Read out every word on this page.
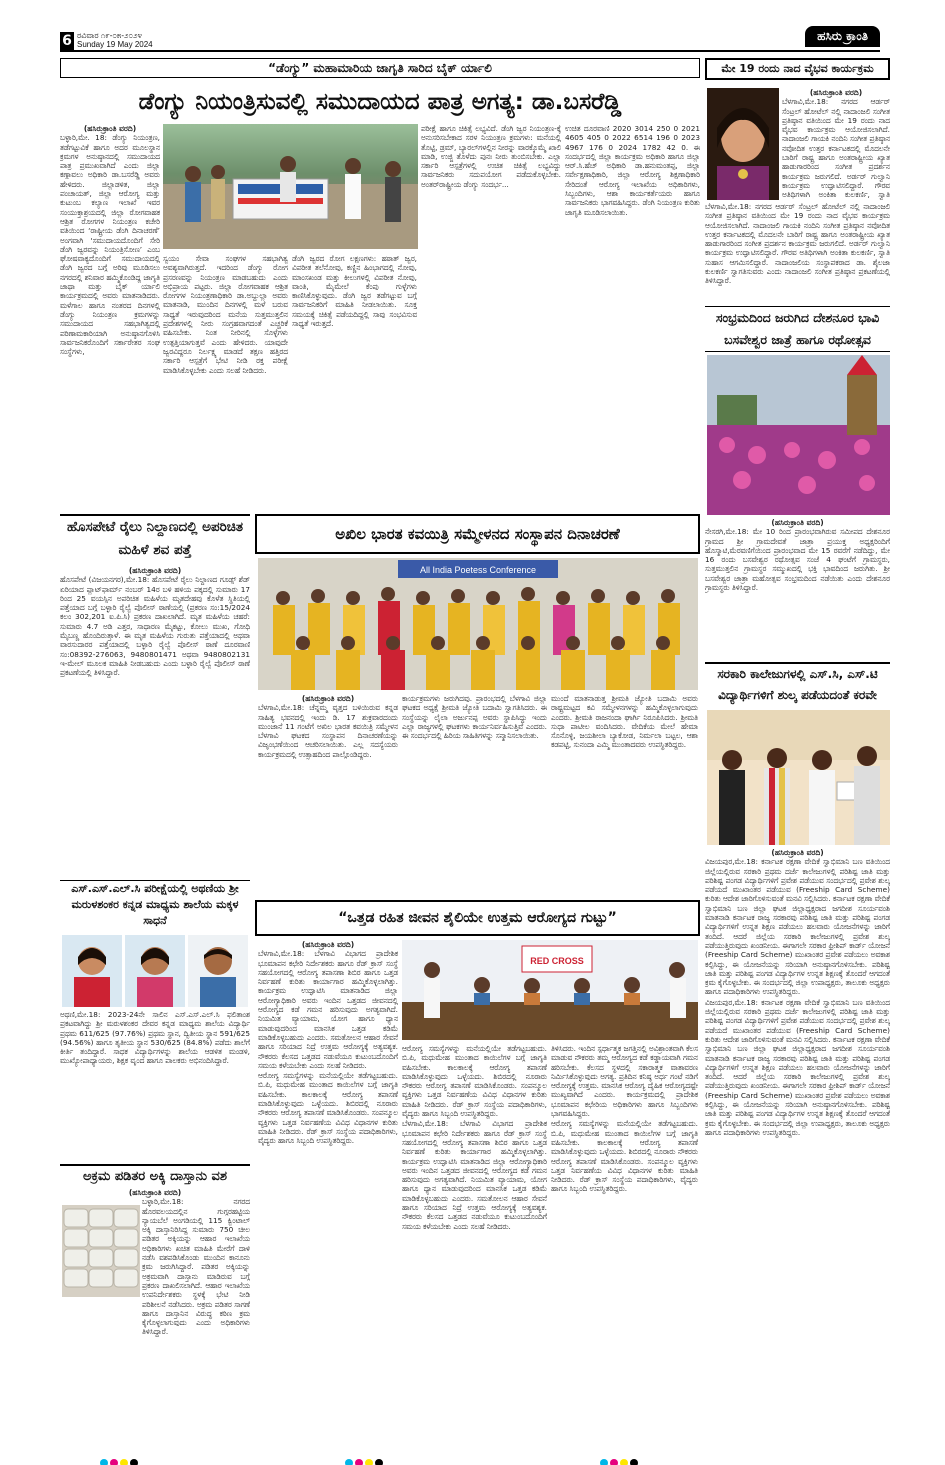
6 ರವಿವಾರ ೧೯-೦೫-೨೦೨೪
Sunday 19 May 2024
ಹಸಿರು ಕ್ರಾಂತಿ
“ಡೆಂಗ್ಯು” ಮಹಾಮಾರಿಯ ಜಾಗೃತಿ ಸಾರಿದ ಬೈಕ್ ರ್ಯಾಲಿ
ಡೆಂಗ್ಯು ನಿಯಂತ್ರಿಸುವಲ್ಲಿ ಸಮುದಾಯದ ಪಾತ್ರ ಅಗತ್ಯ: ಡಾ.ಬಸರೆಡ್ಡಿ
(ಹಸಿರುಕ್ರಾಂತಿ ವರದಿ)

ಬಳ್ಳಾರಿ,ಮೇ. 18: ಡೆಂಗ್ಯು ನಿಯಂತ್ರಣ, ತಡೆಗಟ್ಟುವಿಕೆ ಹಾಗೂ ಅದರ ಮೂಲಸ್ಥಾನ ಕ್ರಮಗಳ ಅನುಷ್ಠಾನದಲ್ಲಿ ಸಮುದಾಯದ ಪಾತ್ರ ಪ್ರಮುಖವಾಗಿದೆ ಎಂದು ಜಿಲ್ಲಾ ಕಣ್ಗಾವಲು ಅಧಿಕಾರಿ ಡಾ.ಬಸರೆಡ್ಡಿ ಅವರು ಹೇಳಿದರು. ಜಿಲ್ಲಾಡಳಿತ, ಜಿಲ್ಲಾ ಪಂಚಾಯತ್, ಜಿಲ್ಲಾ ಆರೋಗ್ಯ ಮತ್ತು ಕುಟುಂಬ ಕಲ್ಯಾಣ ಇಲಾಖೆ ಇವರ ಸಂಯುಕ್ತಾಶ್ರಯದಲ್ಲಿ ಜಿಲ್ಲಾ ರೋಗವಾಹಕ ಆಶ್ರಿತ ರೋಗಗಳ ನಿಯಂತ್ರಣ ಕಚೇರಿ ವತಿಯಿಂದ ‘ರಾಷ್ಟ್ರೀಯ ಡೆಂಗಿ ದಿನಾಚರಣೆ’ ಅಂಗವಾಗಿ ‘ಸಮುದಾಯದೊಂದಿಗೆ ಸೇರಿ ಡೆಂಗಿ ಜ್ವರವನ್ನು ನಿಯಂತ್ರಿಸೋಣ’ ಎಂಬ ಘೋಷವಾಕ್ಯದೊಂದಿಗೆ ಸಮುದಾಯದಲ್ಲಿ ಡೆಂಗಿ ಜ್ವರದ ಬಗ್ಗೆ ಅರಿವು ಮೂಡಿಸಲು ನಗರದಲ್ಲಿ ಶನಿವಾರ ಹಮ್ಮಿಕೊಂಡಿದ್ದ ಜಾಗೃತಿ ಜಾಥಾ ಮತ್ತು ಬೈಕ್ ರ್ಯಾಲಿ ಕಾರ್ಯಕ್ರಮದಲ್ಲಿ ಅವರು ಮಾತನಾಡಿದರು. ಮಳೆಗಾಲ ಹಾಗೂ ನಂತರದ ದಿನಗಳಲ್ಲಿ ಡೆಂಗ್ಯು ನಿಯಂತ್ರಣ ಕ್ರಮಗಳನ್ನು ಸಮುದಾಯದ ಸಹಭಾಗಿತ್ವದಲ್ಲಿ ಪರಿಣಾಮಕಾರಿಯಾಗಿ ಅನುಷ್ಠಾನಗೊಳಿಸಿ ಸಾರ್ವಜನಿಕರೊಂದಿಗೆ ಸರ್ಕಾರೇತರ ಸಂಘ ಸಂಸ್ಥೆಗಳು,

ಸ್ವಯಂ ಸೇವಾ ಸಂಘಗಳ ಸಹಭಾಗಿತ್ವ ಅವಶ್ಯವಾಗಿರುತ್ತದೆ. ಇದರಿಂದ ಡೆಂಗ್ಯು ರೋಗ ಪ್ರಸರಣವನ್ನು ನಿಯಂತ್ರಣ ಮಾಡಬಹುದು ಎಂದು ಅಭಿಪ್ರಾಯ ಪಟ್ಟರು. ಜಿಲ್ಲಾ ರೋಗವಾಹಕ ಆಶ್ರಿತ ರೋಗಗಳ ನಿಯಂತ್ರಣಾಧಿಕಾರಿ ಡಾ.ಅಬ್ದುಲ್ಲಾ ಅವರು ಮಾತನಾಡಿ, ಮುಂದಿನ ದಿನಗಳಲ್ಲಿ ಮಳೆ ಬರುವ ಸಾಧ್ಯತೆ ಇರುವುದರಿಂದ ಮನೆಯ ಸುತ್ತಮುತ್ತಲಿನ ಪ್ರದೇಶಗಳಲ್ಲಿ ನೀರು ಸಂಗ್ರಹವಾಗದಂತೆ ಎಚ್ಚರಿಕೆ ವಹಿಸಬೇಕು. ನಿಂತ ನೀರಿನಲ್ಲಿ ಸೊಳ್ಳೆಗಳು ಉತ್ಪತ್ತಿಯಾಗುತ್ತವೆ ಎಂದು ಹೇಳಿದರು. ಯಾವುದೇ ಜ್ವರವಿದ್ದರೂ ನಿರ್ಲಕ್ಷ್ಯ ಮಾಡದೆ ತಕ್ಷಣ ಹತ್ತಿರದ ಸರ್ಕಾರಿ ಆಸ್ಪತ್ರೆಗೆ ಭೇಟಿ ನೀಡಿ ರಕ್ತ ಪರೀಕ್ಷೆ ಮಾಡಿಸಿಕೊಳ್ಳಬೇಕು ಎಂದು ಸಲಹೆ ನೀಡಿದರು.

ಡೆಂಗಿ ಜ್ವರದ ರೋಗ ಲಕ್ಷಣಗಳು: ಹಠಾತ್ ಜ್ವರ, ವಿಪರೀತ ತಲೆನೋವು, ಕಣ್ಣಿನ ಹಿಂಭಾಗದಲ್ಲಿ ನೋವು, ಮಾಂಸಖಂಡ ಮತ್ತು ಕೀಲುಗಳಲ್ಲಿ ವಿಪರೀತ ನೋವು, ವಾಂತಿ, ಮೈಮೇಲೆ ಕೆಂಪು ಗುಳ್ಳೆಗಳು ಕಾಣಿಸಿಕೊಳ್ಳುವುದು. ಡೆಂಗಿ ಜ್ವರ ತಡೆಗಟ್ಟುವ ಬಗ್ಗೆ ಸಾರ್ವಜನಿಕರಿಗೆ ಮಾಹಿತಿ ನೀಡಲಾಯಿತು. ಸೂಕ್ತ ಸಮಯಕ್ಕೆ ಚಿಕಿತ್ಸೆ ಪಡೆಯದಿದ್ದಲ್ಲಿ ಸಾವು ಸಂಭವಿಸುವ ಸಾಧ್ಯತೆ ಇರುತ್ತದೆ.

ಪರೀಕ್ಷೆ ಹಾಗೂ ಚಿಕಿತ್ಸೆ ಲಭ್ಯವಿದೆ. ಡೆಂಗಿ ಜ್ವರ ನಿಯಂತ್ರಣ-ಕ್ಕೆ ಅನುಸರಿಸಬೇಕಾದ ಸರಳ ನಿಯಂತ್ರಣ ಕ್ರಮಗಳು: ಮನೆಯಲ್ಲಿ ತೊಟ್ಟಿ, ಡ್ರಮ್, ಬ್ಯಾರಲ್‌ಗಳಲ್ಲಿನ ನೀರನ್ನು ವಾರಕ್ಕೊಮ್ಮೆ ಖಾಲಿ ಮಾಡಿ, ಉಜ್ಜಿ ತೊಳೆದು ಪುನಃ ನೀರು ತುಂಬಿಸಬೇಕು. ಎಲ್ಲಾ ಸರ್ಕಾರಿ ಆಸ್ಪತ್ರೆಗಳಲ್ಲಿ ಉಚಿತ ಚಿಕಿತ್ಸೆ ಲಭ್ಯವಿದ್ದು ಸಾರ್ವಜನಿಕರು ಸದುಪಯೋಗ ಪಡೆದುಕೊಳ್ಳಬೇಕು. ಅಂತರ್‌ರಾಷ್ಟ್ರೀಯ ಡೆಂಗ್ಯು ಸಂದರ್ಭ...

ಉಚಿತ ದೂರವಾಣಿ 2020 3014 250 0 2021 4605 405 0 2022 6514 196 0 2023 4967 176 0 2024 1782 42 0. ಈ ಸಂದರ್ಭದಲ್ಲಿ ಜಿಲ್ಲಾ ಕಾರ್ಯಕ್ರಮ ಅಧಿಕಾರಿ ಹಾಗೂ ಜಿಲ್ಲಾ ಆರ್.ಸಿ.ಹೆಚ್ ಅಧಿಕಾರಿ ಡಾ.ಹನುಮಂತಪ್ಪ, ಜಿಲ್ಲಾ ಸರ್ವೇಕ್ಷಣಾಧಿಕಾರಿ, ಜಿಲ್ಲಾ ಆರೋಗ್ಯ ಶಿಕ್ಷಣಾಧಿಕಾರಿ ಸೇರಿದಂತೆ ಆರೋಗ್ಯ ಇಲಾಖೆಯ ಅಧಿಕಾರಿಗಳು, ಸಿಬ್ಬಂದಿಗಳು, ಆಶಾ ಕಾರ್ಯಕರ್ತೆಯರು ಹಾಗೂ ಸಾರ್ವಜನಿಕರು ಭಾಗವಹಿಸಿದ್ದರು. ಡೆಂಗಿ ನಿಯಂತ್ರಣ ಕುರಿತು ಜಾಗೃತಿ ಮೂಡಿಸಲಾಯಿತು.

ಮೇ 19 ರಂದು ನಾದ ವೈಭವ ಕಾರ್ಯಕ್ರಮ
(ಹಸಿರುಕ್ರಾಂತಿ ವರದಿ)

ಬೆಳಗಾವಿ,ಮೇ.18: ನಗರದ ಆರ್ಡರ್ ಸೆಂಟ್ರಲ್ ಹೋಟೆಲ್ ನಲ್ಲಿ ನಾದಾಂಜಲಿ ಸಂಗೀತ ಪ್ರತಿಷ್ಠಾನ ವತಿಯಿಂದ ಮೇ 19 ರಂದು ನಾದ ವೈಭವ ಕಾರ್ಯಕ್ರಮ ಆಯೋಜಿಸಲಾಗಿದೆ. ನಾದಾಂಜಲಿ ಗಾಯಕಿ ನಂದಿನಿ ಸಂಗೀತ ಪ್ರತಿಷ್ಠಾನ ನವೋದಿತ ಉತ್ತರ ಕರ್ನಾಟಕದಲ್ಲಿ ಮೊದಲನೇ ಬಾರಿಗೆ ರಾಷ್ಟ್ರ ಹಾಗೂ ಅಂತರಾಷ್ಟ್ರೀಯ ಖ್ಯಾತ ಹಾಡುಗಾರರಿಂದ ಸಂಗೀತ ಪ್ರದರ್ಶನ ಕಾರ್ಯಕ್ರಮ ಜರುಗಲಿದೆ. ಅರ್ಡರ್ ಗುಲ್ವಾನಿ ಕಾರ್ಯಕ್ರಮ ಉದ್ಘಾಟಿಸಲಿದ್ದಾರೆ. ಗೌರವ ಅತಿಥಿಗಳಾಗಿ ಅಂಕಿತಾ ಕುಲಕರ್ಣಿ, ಸ್ವಾತಿ

ಬೆಳಗಾವಿ,ಮೇ.18: ನಗರದ ಆರ್ಡರ್ ಸೆಂಟ್ರಲ್ ಹೋಟೆಲ್ ನಲ್ಲಿ ನಾದಾಂಜಲಿ ಸಂಗೀತ ಪ್ರತಿಷ್ಠಾನ ವತಿಯಿಂದ ಮೇ 19 ರಂದು ನಾದ ವೈಭವ ಕಾರ್ಯಕ್ರಮ ಆಯೋಜಿಸಲಾಗಿದೆ. ನಾದಾಂಜಲಿ ಗಾಯಕಿ ನಂದಿನಿ ಸಂಗೀತ ಪ್ರತಿಷ್ಠಾನ ನವೋದಿತ ಉತ್ತರ ಕರ್ನಾಟಕದಲ್ಲಿ ಮೊದಲನೇ ಬಾರಿಗೆ ರಾಷ್ಟ್ರ ಹಾಗೂ ಅಂತರಾಷ್ಟ್ರೀಯ ಖ್ಯಾತ ಹಾಡುಗಾರರಿಂದ ಸಂಗೀತ ಪ್ರದರ್ಶನ ಕಾರ್ಯಕ್ರಮ ಜರುಗಲಿದೆ. ಅರ್ಡರ್ ಗುಲ್ವಾನಿ ಕಾರ್ಯಕ್ರಮ ಉದ್ಘಾಟಿಸಲಿದ್ದಾರೆ. ಗೌರವ ಅತಿಥಿಗಳಾಗಿ ಅಂಕಿತಾ ಕುಲಕರ್ಣಿ, ಸ್ವಾತಿ ಸುಹಾಸ ಆಗಮಿಸಲಿದ್ದಾರೆ. ನಾದಾಂಜಲಿಯ ಸಂಸ್ಥಾಪಕರಾದ ಡಾ. ಶೈಲಜಾ ಕುಲಕರ್ಣಿ ಸ್ವಾಗತಿಸುವರು ಎಂದು ನಾದಾಂಜಲಿ ಸಂಗೀತ ಪ್ರತಿಷ್ಠಾನ ಪ್ರಕಟಣೆಯಲ್ಲಿ ತಿಳಿಸಿದ್ದಾರೆ.

ಸಂಭ್ರಮದಿಂದ ಜರುಗಿದ ದೇಶನೂರ ಭಾವಿ ಬಸವೇಶ್ವರ ಜಾತ್ರೆ ಹಾಗೂ ರಥೋತ್ಸವ
(ಹಸಿರುಕ್ರಾಂತಿ ವರದಿ)

ನೇಸರಗಿ,ಮೇ.18: ಮೇ 10 ರಿಂದ ಪ್ರಾರಂಭವಾಗಿರುವ ಸಮೀಪದ ದೇಶನೂರ ಗ್ರಾಮದ ಶ್ರೀ ಗ್ರಾಮದೇವತೆ ಜಾತ್ರಾ ಪ್ರಯುಕ್ತ ಅಧ್ಯಕ್ಷರಿಂದಿಗೆ ಹೊಸ್ಮಾಟಿ,ಮೆರವಣಿಗೆಯಿಂದ ಪ್ರಾರಂಭವಾದ ಮೇ 15 ರವರೆಗೆ ನಡೆದಿದ್ದು, ಮೇ 16 ರಂದು ಬಸವೇಶ್ವರ ರಥೋತ್ಸವ ಸಂಜೆ 4 ಘಂಟೆಗೆ ಗ್ರಾಮಸ್ಥರು, ಸುತ್ತಮುತ್ತಲಿನ ಗ್ರಾಮಸ್ಥರ ಸಮ್ಮುಖದಲ್ಲಿ ಭಕ್ತಿ ಭಾವದಿಂದ ಜರುಗಿತು. ಶ್ರೀ ಬಸವೇಶ್ವರ ಜಾತ್ರಾ ಮಹೋತ್ಸವ ಸಂಭ್ರಮದಿಂದ ನಡೆಯಿತು ಎಂದು ದೇಶನೂರ ಗ್ರಾಮಸ್ಥರು ತಿಳಿಸಿದ್ದಾರೆ.

ಸರಕಾರಿ ಕಾಲೇಜುಗಳಲ್ಲಿ ಎಸ್.ಸಿ, ಎಸ್.ಟಿ ವಿದ್ಯಾರ್ಥಿಗಳಿಗೆ ಶುಲ್ಕ ಪಡೆಯದಂತೆ ಕರವೇ
(ಹಸಿರುಕ್ರಾಂತಿ ವರದಿ)

ವಿಜಯಪುರ,ಮೇ.18: ಕರ್ನಾಟಕ ರಕ್ಷಣಾ ವೇದಿಕೆ ಸ್ವಾಭಿಮಾನಿ ಬಣ ವತಿಯಿಂದ ಜಿಲ್ಲೆಯಲ್ಲಿರುವ ಸರಕಾರಿ ಪ್ರಥಮ ದರ್ಜೆ ಕಾಲೇಜುಗಳಲ್ಲಿ ಪರಿಶಿಷ್ಟ ಜಾತಿ ಮತ್ತು ಪರಿಶಿಷ್ಟ ಪಂಗಡ ವಿದ್ಯಾರ್ಥಿಗಳಿಗೆ ಪ್ರವೇಶ ಪಡೆಯುವ ಸಂದರ್ಭದಲ್ಲಿ ಪ್ರವೇಶ ಶುಲ್ಕ ಪಡೆಯದೆ ಮುಖಾಂತರ ಪಡೆಯುವ (Freeship Card Scheme) ಕುರಿತು ಆದೇಶ ಜಾರಿಗೊಳಿಸುವಂತೆ ಮನವಿ ಸಲ್ಲಿಸಿದರು. ಕರ್ನಾಟಕ ರಕ್ಷಣಾ ವೇದಿಕೆ ಸ್ವಾಭಿಮಾನಿ ಬಣ ಜಿಲ್ಲಾ ಘಟಕ ಜಿಲ್ಲಾಧ್ಯಕ್ಷರಾದ ಜಗದೀಶ ಸೂರ್ಯವಂಶಿ ಮಾತನಾಡಿ ಕರ್ನಾಟಕ ರಾಜ್ಯ ಸರಕಾರವು ಪರಿಶಿಷ್ಟ ಜಾತಿ ಮತ್ತು ಪರಿಶಿಷ್ಟ ಪಂಗಡ ವಿದ್ಯಾರ್ಥಿಗಳಿಗೆ ಉನ್ನತ ಶಿಕ್ಷಣ ಪಡೆಯಲು ಹಲವಾರು ಯೋಜನೆಗಳನ್ನು ಜಾರಿಗೆ ತಂದಿದೆ. ಆದರೆ ಜಿಲ್ಲೆಯ ಸರಕಾರಿ ಕಾಲೇಜುಗಳಲ್ಲಿ ಪ್ರವೇಶ ಶುಲ್ಕ ಪಡೆಯುತ್ತಿರುವುದು ಖಂಡನೀಯ. ಈಗಾಗಲೇ ಸರಕಾರ ಫ್ರೀಶಿಪ್ ಕಾರ್ಡ್ ಯೋಜನೆ (Freeship Card Scheme) ಮುಖಾಂತರ ಪ್ರವೇಶ ಪಡೆಯಲು ಅವಕಾಶ ಕಲ್ಪಿಸಿದ್ದು, ಈ ಯೋಜನೆಯನ್ನು ಸರಿಯಾಗಿ ಅನುಷ್ಠಾನಗೊಳಿಸಬೇಕು. ಪರಿಶಿಷ್ಟ ಜಾತಿ ಮತ್ತು ಪರಿಶಿಷ್ಟ ಪಂಗಡ ವಿದ್ಯಾರ್ಥಿಗಳ ಉನ್ನತ ಶಿಕ್ಷಣಕ್ಕೆ ತೊಂದರೆ ಆಗದಂತೆ ಕ್ರಮ ಕೈಗೊಳ್ಳಬೇಕು. ಈ ಸಂದರ್ಭದಲ್ಲಿ ಜಿಲ್ಲಾ ಉಪಾಧ್ಯಕ್ಷರು, ತಾಲೂಕು ಅಧ್ಯಕ್ಷರು ಹಾಗೂ ಪದಾಧಿಕಾರಿಗಳು ಉಪಸ್ಥಿತರಿದ್ದರು.

ವಿಜಯಪುರ,ಮೇ.18: ಕರ್ನಾಟಕ ರಕ್ಷಣಾ ವೇದಿಕೆ ಸ್ವಾಭಿಮಾನಿ ಬಣ ವತಿಯಿಂದ ಜಿಲ್ಲೆಯಲ್ಲಿರುವ ಸರಕಾರಿ ಪ್ರಥಮ ದರ್ಜೆ ಕಾಲೇಜುಗಳಲ್ಲಿ ಪರಿಶಿಷ್ಟ ಜಾತಿ ಮತ್ತು ಪರಿಶಿಷ್ಟ ಪಂಗಡ ವಿದ್ಯಾರ್ಥಿಗಳಿಗೆ ಪ್ರವೇಶ ಪಡೆಯುವ ಸಂದರ್ಭದಲ್ಲಿ ಪ್ರವೇಶ ಶುಲ್ಕ ಪಡೆಯದೆ ಮುಖಾಂತರ ಪಡೆಯುವ (Freeship Card Scheme) ಕುರಿತು ಆದೇಶ ಜಾರಿಗೊಳಿಸುವಂತೆ ಮನವಿ ಸಲ್ಲಿಸಿದರು. ಕರ್ನಾಟಕ ರಕ್ಷಣಾ ವೇದಿಕೆ ಸ್ವಾಭಿಮಾನಿ ಬಣ ಜಿಲ್ಲಾ ಘಟಕ ಜಿಲ್ಲಾಧ್ಯಕ್ಷರಾದ ಜಗದೀಶ ಸೂರ್ಯವಂಶಿ ಮಾತನಾಡಿ ಕರ್ನಾಟಕ ರಾಜ್ಯ ಸರಕಾರವು ಪರಿಶಿಷ್ಟ ಜಾತಿ ಮತ್ತು ಪರಿಶಿಷ್ಟ ಪಂಗಡ ವಿದ್ಯಾರ್ಥಿಗಳಿಗೆ ಉನ್ನತ ಶಿಕ್ಷಣ ಪಡೆಯಲು ಹಲವಾರು ಯೋಜನೆಗಳನ್ನು ಜಾರಿಗೆ ತಂದಿದೆ. ಆದರೆ ಜಿಲ್ಲೆಯ ಸರಕಾರಿ ಕಾಲೇಜುಗಳಲ್ಲಿ ಪ್ರವೇಶ ಶುಲ್ಕ ಪಡೆಯುತ್ತಿರುವುದು ಖಂಡನೀಯ. ಈಗಾಗಲೇ ಸರಕಾರ ಫ್ರೀಶಿಪ್ ಕಾರ್ಡ್ ಯೋಜನೆ (Freeship Card Scheme) ಮುಖಾಂತರ ಪ್ರವೇಶ ಪಡೆಯಲು ಅವಕಾಶ ಕಲ್ಪಿಸಿದ್ದು, ಈ ಯೋಜನೆಯನ್ನು ಸರಿಯಾಗಿ ಅನುಷ್ಠಾನಗೊಳಿಸಬೇಕು. ಪರಿಶಿಷ್ಟ ಜಾತಿ ಮತ್ತು ಪರಿಶಿಷ್ಟ ಪಂಗಡ ವಿದ್ಯಾರ್ಥಿಗಳ ಉನ್ನತ ಶಿಕ್ಷಣಕ್ಕೆ ತೊಂದರೆ ಆಗದಂತೆ ಕ್ರಮ ಕೈಗೊಳ್ಳಬೇಕು. ಈ ಸಂದರ್ಭದಲ್ಲಿ ಜಿಲ್ಲಾ ಉಪಾಧ್ಯಕ್ಷರು, ತಾಲೂಕು ಅಧ್ಯಕ್ಷರು ಹಾಗೂ ಪದಾಧಿಕಾರಿಗಳು ಉಪಸ್ಥಿತರಿದ್ದರು.

ಹೊಸಪೇಟೆ ರೈಲು ನಿಲ್ದಾಣದಲ್ಲಿ ಅಪರಿಚಿತ ಮಹಿಳೆ ಶವ ಪತ್ತೆ
(ಹಸಿರುಕ್ರಾಂತಿ ವರದಿ)

ಹೊಸಪೇಟೆ (ವಿಜಯನಗರ),ಮೇ.18: ಹೊಸಪೇಟೆ ರೈಲು ನಿಲ್ದಾಣದ ಗೂಡ್ಸ್ ಶೆಡ್ ಏರಿಯಾದ ಪ್ಲಾಟ್‌ಫಾರ್ಮ್ ನಂಬರ್ 14ರ ಬಳಿ ಹಳಿಯ ಪಕ್ಕದಲ್ಲಿ ಸುಮಾರು 17 ರಿಂದ 25 ವಯಸ್ಸಿನ ಅಪರಿಚಿತ ಮಹಿಳೆಯ ಮೃತದೇಹವು ಕೊಳೆತ ಸ್ಥಿತಿಯಲ್ಲಿ ಪತ್ತೆಯಾದ ಬಗ್ಗೆ ಬಳ್ಳಾರಿ ರೈಲ್ವೆ ಪೊಲೀಸ್ ಠಾಣೆಯಲ್ಲಿ (ಪ್ರಕರಣ ಸಂ:15/2024 ಕಲಂ 302,201 ಐ.ಪಿ.ಸಿ) ಪ್ರಕರಣ ದಾಖಲಾಗಿದೆ. ಮೃತ ಮಹಿಳೆಯ ಚಹರೆ: ಸುಮಾರು 4.7 ಅಡಿ ಎತ್ತರ, ಸಾಧಾರಣ ಮೈಕಟ್ಟು, ಕೋಲು ಮುಖ, ಗೋಧಿ ಮೈಬಣ್ಣ ಹೊಂದಿರುತ್ತಾಳೆ. ಈ ಮೃತ ಮಹಿಳೆಯ ಗುರುತು ಪತ್ತೆಯಾದಲ್ಲಿ ಅಥವಾ ವಾರಸುದಾರರ ಪತ್ತೆಯಾದಲ್ಲಿ ಬಳ್ಳಾರಿ ರೈಲ್ವೆ ಪೊಲೀಸ್ ಠಾಣೆ ದೂರವಾಣಿ ಸಂ:08392-276063, 9480801471 ಅಥವಾ 9480802131 ಇ-ಮೇಲ್ ಮೂಲಕ ಮಾಹಿತಿ ನೀಡಬಹುದು ಎಂದು ಬಳ್ಳಾರಿ ರೈಲ್ವೆ ಪೊಲೀಸ್ ಠಾಣೆ ಪ್ರಕಟಣೆಯಲ್ಲಿ ತಿಳಿಸಿದ್ದಾರೆ.

ಎಸ್.ಎಸ್.ಎಲ್.ಸಿ ಪರೀಕ್ಷೆಯಲ್ಲಿ ಅಥಣಿಯ ಶ್ರೀ ಮರುಳಶಂಕರ ಕನ್ನಡ ಮಾಧ್ಯಮ ಶಾಲೆಯ ಮಕ್ಕಳ ಸಾಧನೆ

ಅಥಣಿ,ಮೇ.18: 2023-24ನೇ ಸಾಲಿನ ಎಸ್.ಎಸ್.ಎಲ್.ಸಿ ಫಲಿತಾಂಶ ಪ್ರಕಟವಾಗಿದ್ದು ಶ್ರೀ ಮರುಳಶಂಕರ ದೇವರ ಕನ್ನಡ ಮಾಧ್ಯಮ ಶಾಲೆಯ ವಿದ್ಯಾರ್ಥಿ ಪ್ರಥಮ 611/625 (97.76%) ಪ್ರಥಮ ಸ್ಥಾನ, ದ್ವಿತೀಯ ಸ್ಥಾನ 591/625 (94.56%) ಹಾಗೂ ತೃತೀಯ ಸ್ಥಾನ 530/625 (84.8%) ಪಡೆದು ಶಾಲೆಗೆ ಕೀರ್ತಿ ತಂದಿದ್ದಾರೆ. ಸಾಧಕ ವಿದ್ಯಾರ್ಥಿಗಳನ್ನು ಶಾಲೆಯ ಆಡಳಿತ ಮಂಡಳಿ, ಮುಖ್ಯೋಪಾಧ್ಯಾಯರು, ಶಿಕ್ಷಕ ವೃಂದ ಹಾಗೂ ಪಾಲಕರು ಅಭಿನಂದಿಸಿದ್ದಾರೆ.

ಅಕ್ರಮ ಪಡಿತರ ಅಕ್ಕಿ ದಾಸ್ತಾನು ವಶ
(ಹಸಿರುಕ್ರಾಂತಿ ವರದಿ)

ಬಳ್ಳಾರಿ,ಮೇ.18: ನಗರದ ಹೊರವಲಯದಲ್ಲಿನ ಗುಗ್ಗರಹಟ್ಟಿಯ ನ್ಯಾಯಬೆಲೆ ಅಂಗಡಿಯಲ್ಲಿ 115 ಕ್ವಿಂಟಾಲ್ ಅಕ್ಕಿ ದಾಸ್ತಾನಿರಿಸಿದ್ದ ಸುಮಾರು 750 ಚೀಲ ಪಡಿತರ ಅಕ್ಕಿಯನ್ನು ಆಹಾರ ಇಲಾಖೆಯ ಅಧಿಕಾರಿಗಳು ಖಚಿತ ಮಾಹಿತಿ ಮೇರೆಗೆ ದಾಳಿ ನಡೆಸಿ ವಶಪಡಿಸಿಕೊಂಡು ಮುಂದಿನ ಕಾನೂನು ಕ್ರಮ ಜರುಗಿಸಿದ್ದಾರೆ. ಪಡಿತರ ಅಕ್ಕಿಯನ್ನು ಅಕ್ರಮವಾಗಿ ದಾಸ್ತಾನು ಮಾಡಿರುವ ಬಗ್ಗೆ ಪ್ರಕರಣ ದಾಖಲಿಸಲಾಗಿದೆ. ಆಹಾರ ಇಲಾಖೆಯ ಉಪನಿರ್ದೇಶಕರು ಸ್ಥಳಕ್ಕೆ ಭೇಟಿ ನೀಡಿ ಪರಿಶೀಲನೆ ನಡೆಸಿದರು. ಅಕ್ರಮ ಪಡಿತರ ಸಾಗಣೆ ಹಾಗೂ ದಾಸ್ತಾನಿನ ವಿರುದ್ಧ ಕಠಿಣ ಕ್ರಮ ಕೈಗೊಳ್ಳಲಾಗುವುದು ಎಂದು ಅಧಿಕಾರಿಗಳು ತಿಳಿಸಿದ್ದಾರೆ.

ಅಖಿಲ ಭಾರತ ಕವಯಿತ್ರಿ ಸಮ್ಮೇಳನದ ಸಂಸ್ಥಾಪನ ದಿನಾಚರಣೆ
All India Poetess Conference
(ಹಸಿರುಕ್ರಾಂತಿ ವರದಿ)

ಬೆಳಗಾವಿ,ಮೇ.18: ಚೆನ್ನಮ್ಮ ವೃತ್ತದ ಬಳಿಯಿರುವ ಕನ್ನಡ ಸಾಹಿತ್ಯ ಭವನದಲ್ಲಿ ಇಂದು ಡಿ. 17 ಶುಕ್ರವಾರದಂದು ಮುಂಜಾನೆ 11 ಗಂಟೆಗೆ ಅಖಿಲ ಭಾರತ ಕವಯಿತ್ರಿ ಸಮ್ಮೇಳನ ಬೆಳಗಾವಿ ಘಟಕದ ಸಂಸ್ಥಾಪನ ದಿನಾಚರಣೆಯನ್ನು ವಿಜೃಂಭಣೆಯಿಂದ ಆಚರಿಸಲಾಯಿತು. ಎಲ್ಲ ಸದಸ್ಯೆಯರು ಕಾರ್ಯಕ್ರಮದಲ್ಲಿ ಉತ್ಸಾಹದಿಂದ ಪಾಲ್ಗೊಂಡಿದ್ದರು.

ಕಾರ್ಯಕ್ರಮಗಳು ಜರುಗಿದವು. ಪ್ರಾರಂಭದಲ್ಲಿ ಬೆಳಗಾವಿ ಜಿಲ್ಲಾ ಘಟಕದ ಅಧ್ಯಕ್ಷೆ ಶ್ರೀಮತಿ ಜ್ಯೋತಿ ಬದಾಮಿ ಸ್ವಾಗತಿಸಿದರು. ಈ ಸಂಸ್ಥೆಯನ್ನು ಲೈಲಾ ಅರ್ಜುನಪ್ಪ ಅವರು ಸ್ಥಾಪಿಸಿದ್ದು ಇಂದು ಎಲ್ಲಾ ರಾಜ್ಯಗಳಲ್ಲಿ ಘಟಕಗಳು ಕಾರ್ಯನಿರ್ವಹಿಸುತ್ತಿವೆ ಎಂದರು. ಈ ಸಂದರ್ಭದಲ್ಲಿ ಹಿರಿಯ ಸಾಹಿತಿಗಳನ್ನು ಸನ್ಮಾನಿಸಲಾಯಿತು.

ಮುಂದೆ ಮಾತನಾಡುತ್ತ ಶ್ರೀಮತಿ ಜ್ಯೋತಿ ಬದಾಮಿ ಅವರು ರಾಷ್ಟ್ರಮಟ್ಟದ ಕವಿ ಸಮ್ಮೇಳನಗಳನ್ನು ಹಮ್ಮಿಕೊಳ್ಳಲಾಗುವುದು ಎಂದರು. ಶ್ರೀಮತಿ ರಾಜನಂದಾ ಘಾರ್ಗಿ ನಿರೂಪಿಸಿದರು. ಶ್ರೀಮತಿ ಸುಧಾ ಪಾಟೀಲ ವಂದಿಸಿದರು. ವೇದಿಕೆಯ ಮೇಲೆ ಹೇಮಾ ಸೊನೊಳ್ಳಿ, ಜಯಶೀಲಾ ಬ್ಯಾಕೋಡ, ನಿರ್ಮಲಾ ಬಟ್ಟಲ, ಆಶಾ ಕಡಪಟ್ಟಿ, ಸುನಂದಾ ಎಮ್ಮಿ ಮುಂತಾದವರು ಉಪಸ್ಥಿತರಿದ್ದರು.

“ಒತ್ತಡ ರಹಿತ ಜೀವನ ಶೈಲಿಯೇ ಉತ್ತಮ ಆರೋಗ್ಯದ ಗುಟ್ಟು”
(ಹಸಿರುಕ್ರಾಂತಿ ವರದಿ)

ಬೆಳಗಾವಿ,ಮೇ.18: ಬೆಳಗಾವಿ ವಿಭಾಗದ ಪ್ರಾದೇಶಿಕ ಭೂಮಾಪನ ಕಛೇರಿ ನಿರ್ದೇಶಕರು ಹಾಗೂ ರೆಡ್ ಕ್ರಾಸ್ ಸಂಸ್ಥೆ ಸಹಯೋಗದಲ್ಲಿ ಆರೋಗ್ಯ ತಪಾಸಣಾ ಶಿಬಿರ ಹಾಗೂ ಒತ್ತಡ ನಿರ್ವಹಣೆ ಕುರಿತು ಕಾರ್ಯಾಗಾರ ಹಮ್ಮಿಕೊಳ್ಳಲಾಗಿತ್ತು. ಕಾರ್ಯಕ್ರಮ ಉದ್ಘಾಟಿಸಿ ಮಾತನಾಡಿದ ಜಿಲ್ಲಾ ಆರೋಗ್ಯಾಧಿಕಾರಿ ಅವರು ಇಂದಿನ ಒತ್ತಡದ ಜೀವನದಲ್ಲಿ ಆರೋಗ್ಯದ ಕಡೆ ಗಮನ ಹರಿಸುವುದು ಅಗತ್ಯವಾಗಿದೆ. ನಿಯಮಿತ ವ್ಯಾಯಾಮ, ಯೋಗ ಹಾಗೂ ಧ್ಯಾನ ಮಾಡುವುದರಿಂದ ಮಾನಸಿಕ ಒತ್ತಡ ಕಡಿಮೆ ಮಾಡಿಕೊಳ್ಳಬಹುದು ಎಂದರು. ಸಮತೋಲನ ಆಹಾರ ಸೇವನೆ ಹಾಗೂ ಸರಿಯಾದ ನಿದ್ರೆ ಉತ್ತಮ ಆರೋಗ್ಯಕ್ಕೆ ಅತ್ಯವಶ್ಯಕ. ನೌಕರರು ಕೆಲಸದ ಒತ್ತಡದ ನಡುವೆಯೂ ಕುಟುಂಬದೊಂದಿಗೆ ಸಮಯ ಕಳೆಯಬೇಕು ಎಂದು ಸಲಹೆ ನೀಡಿದರು.

ಆರೋಗ್ಯ ಸಮಸ್ಯೆಗಳನ್ನು ಮನೆಯಲ್ಲಿಯೇ ತಡೆಗಟ್ಟಬಹುದು. ಬಿ.ಪಿ, ಮಧುಮೇಹ ಮುಂತಾದ ಕಾಯಿಲೆಗಳ ಬಗ್ಗೆ ಜಾಗೃತಿ ವಹಿಸಬೇಕು. ಕಾಲಕಾಲಕ್ಕೆ ಆರೋಗ್ಯ ತಪಾಸಣೆ ಮಾಡಿಸಿಕೊಳ್ಳುವುದು ಒಳ್ಳೆಯದು. ಶಿಬಿರದಲ್ಲಿ ನೂರಾರು ನೌಕರರು ಆರೋಗ್ಯ ತಪಾಸಣೆ ಮಾಡಿಸಿಕೊಂಡರು. ಸಂಪನ್ಮೂಲ ವ್ಯಕ್ತಿಗಳು ಒತ್ತಡ ನಿರ್ವಹಣೆಯ ವಿವಿಧ ವಿಧಾನಗಳ ಕುರಿತು ಮಾಹಿತಿ ನೀಡಿದರು. ರೆಡ್ ಕ್ರಾಸ್ ಸಂಸ್ಥೆಯ ಪದಾಧಿಕಾರಿಗಳು, ವೈದ್ಯರು ಹಾಗೂ ಸಿಬ್ಬಂದಿ ಉಪಸ್ಥಿತರಿದ್ದರು.

RED CROSS

ಆರೋಗ್ಯ ಸಮಸ್ಯೆಗಳನ್ನು ಮನೆಯಲ್ಲಿಯೇ ತಡೆಗಟ್ಟಬಹುದು. ಬಿ.ಪಿ, ಮಧುಮೇಹ ಮುಂತಾದ ಕಾಯಿಲೆಗಳ ಬಗ್ಗೆ ಜಾಗೃತಿ ವಹಿಸಬೇಕು. ಕಾಲಕಾಲಕ್ಕೆ ಆರೋಗ್ಯ ತಪಾಸಣೆ ಮಾಡಿಸಿಕೊಳ್ಳುವುದು ಒಳ್ಳೆಯದು. ಶಿಬಿರದಲ್ಲಿ ನೂರಾರು ನೌಕರರು ಆರೋಗ್ಯ ತಪಾಸಣೆ ಮಾಡಿಸಿಕೊಂಡರು. ಸಂಪನ್ಮೂಲ ವ್ಯಕ್ತಿಗಳು ಒತ್ತಡ ನಿರ್ವಹಣೆಯ ವಿವಿಧ ವಿಧಾನಗಳ ಕುರಿತು ಮಾಹಿತಿ ನೀಡಿದರು. ರೆಡ್ ಕ್ರಾಸ್ ಸಂಸ್ಥೆಯ ಪದಾಧಿಕಾರಿಗಳು, ವೈದ್ಯರು ಹಾಗೂ ಸಿಬ್ಬಂದಿ ಉಪಸ್ಥಿತರಿದ್ದರು.

ಬೆಳಗಾವಿ,ಮೇ.18: ಬೆಳಗಾವಿ ವಿಭಾಗದ ಪ್ರಾದೇಶಿಕ ಭೂಮಾಪನ ಕಛೇರಿ ನಿರ್ದೇಶಕರು ಹಾಗೂ ರೆಡ್ ಕ್ರಾಸ್ ಸಂಸ್ಥೆ ಸಹಯೋಗದಲ್ಲಿ ಆರೋಗ್ಯ ತಪಾಸಣಾ ಶಿಬಿರ ಹಾಗೂ ಒತ್ತಡ ನಿರ್ವಹಣೆ ಕುರಿತು ಕಾರ್ಯಾಗಾರ ಹಮ್ಮಿಕೊಳ್ಳಲಾಗಿತ್ತು. ಕಾರ್ಯಕ್ರಮ ಉದ್ಘಾಟಿಸಿ ಮಾತನಾಡಿದ ಜಿಲ್ಲಾ ಆರೋಗ್ಯಾಧಿಕಾರಿ ಅವರು ಇಂದಿನ ಒತ್ತಡದ ಜೀವನದಲ್ಲಿ ಆರೋಗ್ಯದ ಕಡೆ ಗಮನ ಹರಿಸುವುದು ಅಗತ್ಯವಾಗಿದೆ. ನಿಯಮಿತ ವ್ಯಾಯಾಮ, ಯೋಗ ಹಾಗೂ ಧ್ಯಾನ ಮಾಡುವುದರಿಂದ ಮಾನಸಿಕ ಒತ್ತಡ ಕಡಿಮೆ ಮಾಡಿಕೊಳ್ಳಬಹುದು ಎಂದರು. ಸಮತೋಲನ ಆಹಾರ ಸೇವನೆ ಹಾಗೂ ಸರಿಯಾದ ನಿದ್ರೆ ಉತ್ತಮ ಆರೋಗ್ಯಕ್ಕೆ ಅತ್ಯವಶ್ಯಕ. ನೌಕರರು ಕೆಲಸದ ಒತ್ತಡದ ನಡುವೆಯೂ ಕುಟುಂಬದೊಂದಿಗೆ ಸಮಯ ಕಳೆಯಬೇಕು ಎಂದು ಸಲಹೆ ನೀಡಿದರು.

ತಿಳಿಸಿದರು. ಇಂದಿನ ಸ್ಪರ್ಧಾತ್ಮಕ ಜಗತ್ತಿನಲ್ಲಿ ಅವಿಶ್ರಾಂತವಾಗಿ ಕೆಲಸ ಮಾಡುವ ನೌಕರರು ತಮ್ಮ ಆರೋಗ್ಯದ ಕಡೆ ಕಡ್ಡಾಯವಾಗಿ ಗಮನ ಹರಿಸಬೇಕು. ಕೆಲಸದ ಸ್ಥಳದಲ್ಲಿ ಸಕಾರಾತ್ಮಕ ವಾತಾವರಣ ನಿರ್ಮಿಸಿಕೊಳ್ಳುವುದು ಅಗತ್ಯ. ಪ್ರತಿದಿನ ಕನಿಷ್ಠ ಅರ್ಧ ಗಂಟೆ ನಡಿಗೆ ಆರೋಗ್ಯಕ್ಕೆ ಉತ್ತಮ. ಮಾನಸಿಕ ಆರೋಗ್ಯ ದೈಹಿಕ ಆರೋಗ್ಯದಷ್ಟೇ ಮುಖ್ಯವಾಗಿದೆ ಎಂದರು. ಕಾರ್ಯಕ್ರಮದಲ್ಲಿ ಪ್ರಾದೇಶಿಕ ಭೂಮಾಪನ ಕಛೇರಿಯ ಅಧಿಕಾರಿಗಳು ಹಾಗೂ ಸಿಬ್ಬಂದಿಗಳು ಭಾಗವಹಿಸಿದ್ದರು.

ಆರೋಗ್ಯ ಸಮಸ್ಯೆಗಳನ್ನು ಮನೆಯಲ್ಲಿಯೇ ತಡೆಗಟ್ಟಬಹುದು. ಬಿ.ಪಿ, ಮಧುಮೇಹ ಮುಂತಾದ ಕಾಯಿಲೆಗಳ ಬಗ್ಗೆ ಜಾಗೃತಿ ವಹಿಸಬೇಕು. ಕಾಲಕಾಲಕ್ಕೆ ಆರೋಗ್ಯ ತಪಾಸಣೆ ಮಾಡಿಸಿಕೊಳ್ಳುವುದು ಒಳ್ಳೆಯದು. ಶಿಬಿರದಲ್ಲಿ ನೂರಾರು ನೌಕರರು ಆರೋಗ್ಯ ತಪಾಸಣೆ ಮಾಡಿಸಿಕೊಂಡರು. ಸಂಪನ್ಮೂಲ ವ್ಯಕ್ತಿಗಳು ಒತ್ತಡ ನಿರ್ವಹಣೆಯ ವಿವಿಧ ವಿಧಾನಗಳ ಕುರಿತು ಮಾಹಿತಿ ನೀಡಿದರು. ರೆಡ್ ಕ್ರಾಸ್ ಸಂಸ್ಥೆಯ ಪದಾಧಿಕಾರಿಗಳು, ವೈದ್ಯರು ಹಾಗೂ ಸಿಬ್ಬಂದಿ ಉಪಸ್ಥಿತರಿದ್ದರು.
